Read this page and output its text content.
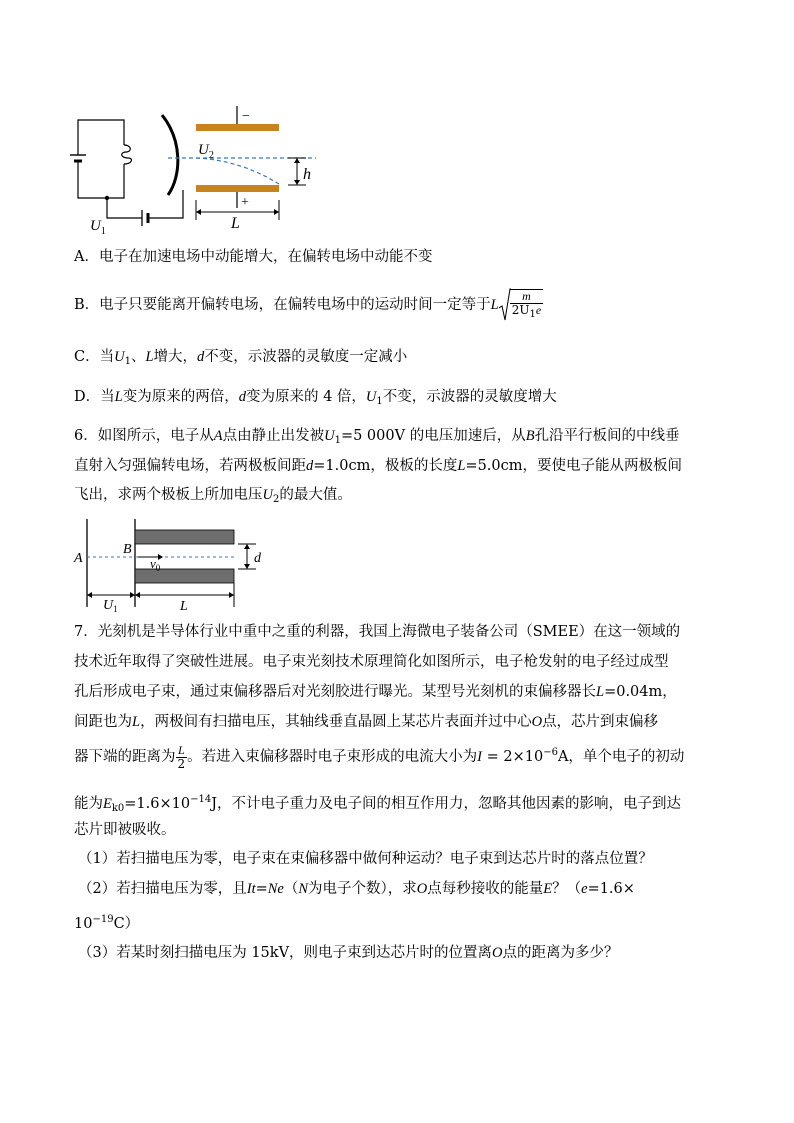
−
+
h
L
$U_2$
$U_1$
A．电子在加速电场中动能增大，在偏转电场中动能不变
B．电子只要能离开偏转电场，在偏转电场中的运动时间一定等于L $\frac{m}{2U_1e}$
C．当$U_1$、L增大，d不变，示波器的灵敏度一定减小
D．当L变为原来的两倍，d变为原来的 4 倍，$U_1$不变，示波器的灵敏度增大
6．如图所示，电子从A点由静止出发被$U_1=5$ 000V 的电压加速后，从B孔沿平行板间的中线垂
直射入匀强偏转电场，若两极板间距d=1.0cm，极板的长度L=5.0cm，要使电子能从两极板间
飞出，求两个极板上所加电压$U_2$的最大值。
A
B
$v_0$
d
$U_1$	L
7．光刻机是半导体行业中重中之重的利器，我国上海微电子装备公司（SMEE）在这一领域的
技术近年取得了突破性进展。电子束光刻技术原理简化如图所示，电子枪发射的电子经过成型
孔后形成电子束，通过束偏移器后对光刻胶进行曝光。某型号光刻机的束偏移器长L=0.04m，
间距也为L，两极间有扫描电压，其轴线垂直晶圆上某芯片表面并过中心O点，芯片到束偏移
器下端的距离为 $\frac{L}{2}$ 。若进入束偏移器时电子束形成的电流大小为$I = 2\times 10^{-6}A$，单个电子的初动
能为$E_{k0}=1.6\times 10^{-14}J$，不计电子重力及电子间的相互作用力，忽略其他因素的影响，电子到达
芯片即被吸收。
（1）若扫描电压为零，电子束在束偏移器中做何种运动？电子束到达芯片时的落点位置？
（2）若扫描电压为零，且It=Ne（N为电子个数），求O点每秒接收的能量E？（e=1.6×
$10^{-19}C$）
（3）若某时刻扫描电压为 15kV，则电子束到达芯片时的位置离O点的距离为多少？
